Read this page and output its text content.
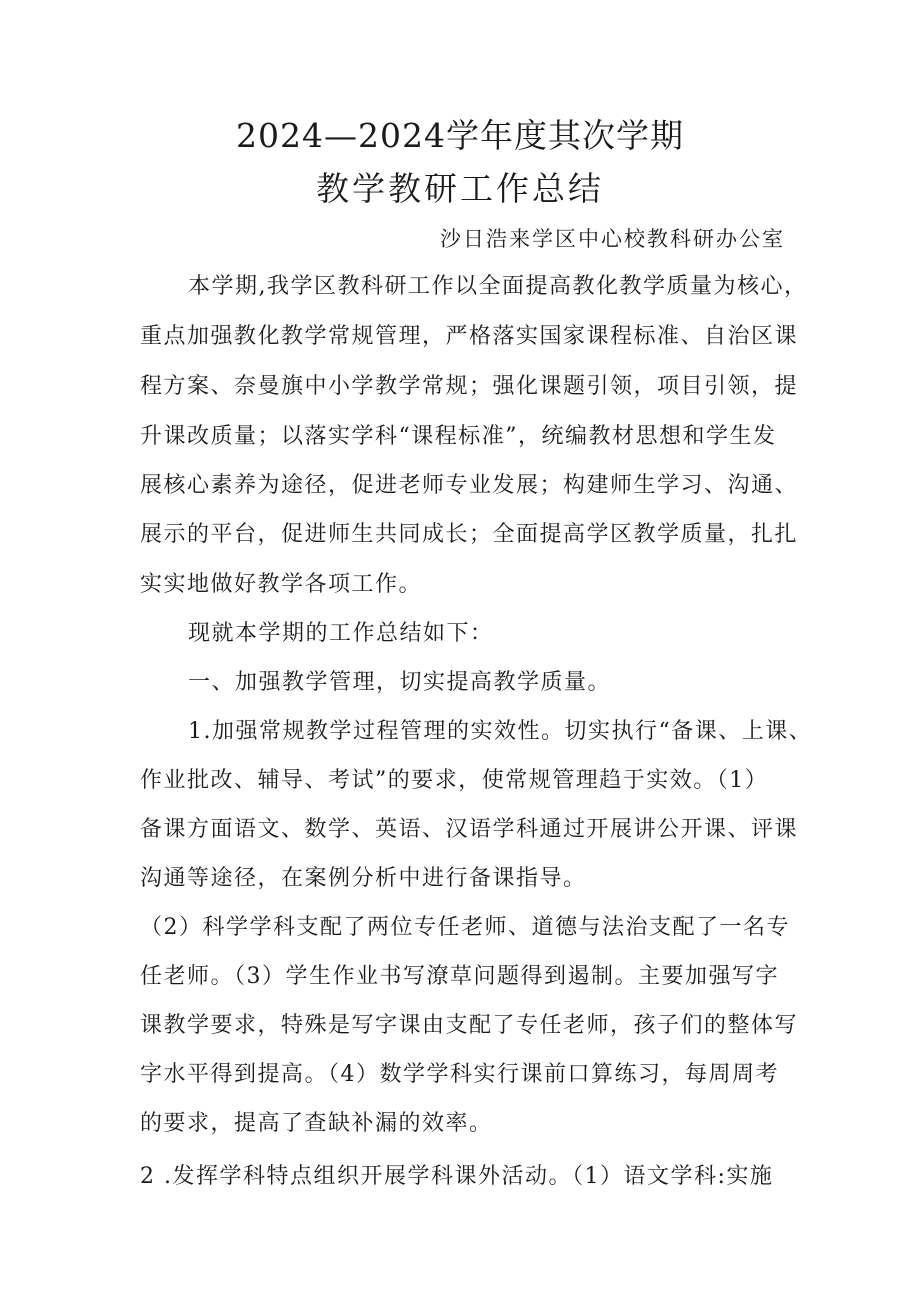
2024—2024学年度其次学期
教学教研工作总结
沙日浩来学区中心校教科研办公室
本学期,我学区教科研工作以全面提高教化教学质量为核心，
重点加强教化教学常规管理，严格落实国家课程标准、自治区课
程方案、奈曼旗中小学教学常规；强化课题引领，项目引领，提
升课改质量；以落实学科“课程标准”，统编教材思想和学生发
展核心素养为途径，促进老师专业发展；构建师生学习、沟通、
展示的平台，促进师生共同成长；全面提高学区教学质量，扎扎
实实地做好教学各项工作。
现就本学期的工作总结如下：
一、加强教学管理，切实提高教学质量。
1.加强常规教学过程管理的实效性。切实执行“备课、上课、
作业批改、辅导、考试”的要求，使常规管理趋于实效。（1）
备课方面语文、数学、英语、汉语学科通过开展讲公开课、评课
沟通等途径，在案例分析中进行备课指导。
（2）科学学科支配了两位专任老师、道德与法治支配了一名专
任老师。（3）学生作业书写潦草问题得到遏制。主要加强写字
课教学要求，特殊是写字课由支配了专任老师，孩子们的整体写
字水平得到提高。（4）数学学科实行课前口算练习，每周周考
的要求，提高了查缺补漏的效率。
2 .发挥学科特点组织开展学科课外活动。（1）语文学科:实施
